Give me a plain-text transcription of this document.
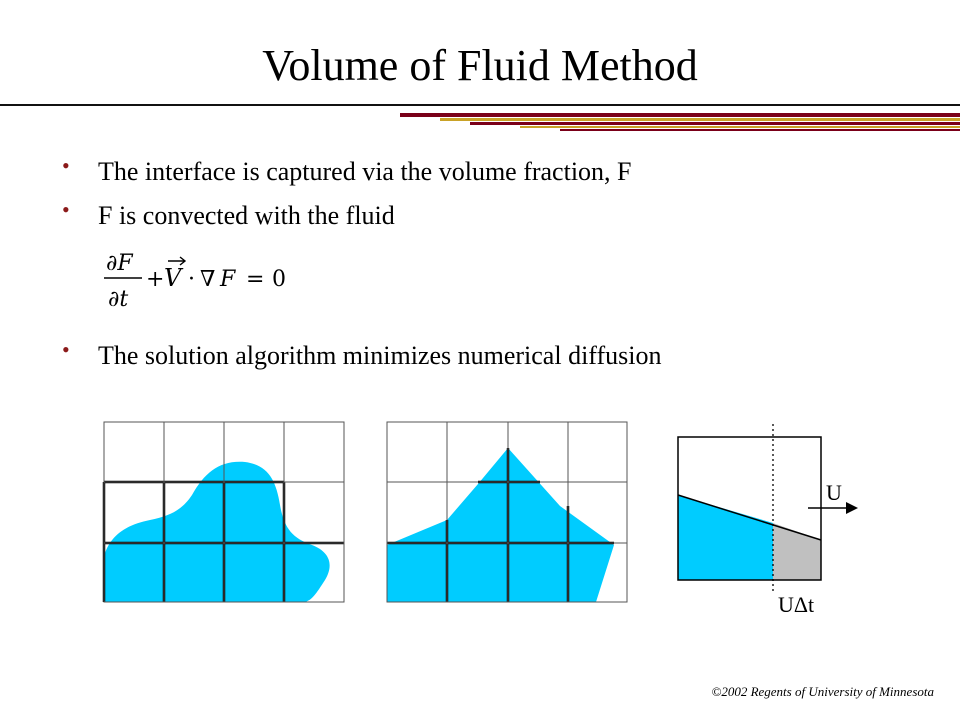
Volume of Fluid Method
• The interface is captured via the volume fraction, F
• F is convected with the fluid
• The solution algorithm minimizes numerical diffusion
∂F
∂t
+ V · ∇ F = 0
U
UΔt
©2002 Regents of University of Minnesota
